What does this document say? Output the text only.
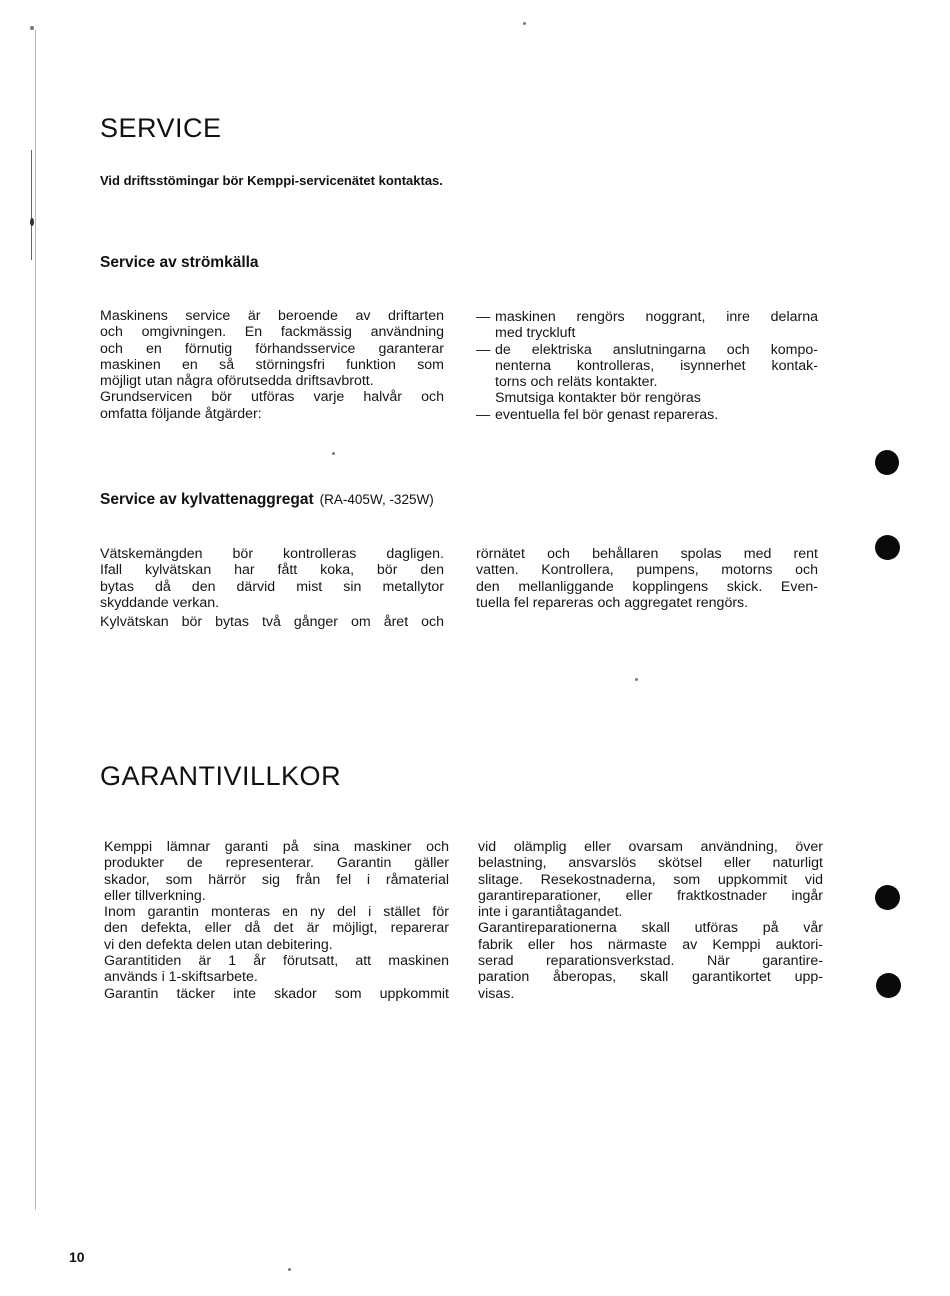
SERVICE
Vid driftsstömingar bör Kemppi-servicenätet kontaktas.
Service av strömkälla
Maskinens service är beroende av driftarten
och omgivningen. En fackmässig användning
och en förnutig förhandsservice garanterar
maskinen en så störningsfri funktion som
möjligt utan några oförutsedda driftsavbrott.
Grundservicen bör utföras varje halvår och
omfatta följande åtgärder:
— maskinen rengörs noggrant, inre delarna
med tryckluft
— de elektriska anslutningarna och kompo-
nenterna kontrolleras, isynnerhet kontak-
torns och reläts kontakter.
Smutsiga kontakter bör rengöras
— eventuella fel bör genast repareras.
Service av kylvattenaggregat (RA-405W, -325W)
Vätskemängden bör kontrolleras dagligen.
Ifall kylvätskan har fått koka, bör den
bytas då den därvid mist sin metallytor
skyddande verkan.
Kylvätskan bör bytas två gånger om året och
rörnätet och behållaren spolas med rent
vatten. Kontrollera, pumpens, motorns och
den mellanliggande kopplingens skick. Even-
tuella fel repareras och aggregatet rengörs.
GARANTIVILLKOR
Kemppi lämnar garanti på sina maskiner och
produkter de representerar. Garantin gäller
skador, som härrör sig från fel i råmaterial
eller tillverkning.
Inom garantin monteras en ny del i stället för
den defekta, eller då det är möjligt, reparerar
vi den defekta delen utan debitering.
Garantitiden är 1 år förutsatt, att maskinen
används i 1-skiftsarbete.
Garantin täcker inte skador som uppkommit
vid olämplig eller ovarsam användning, över
belastning, ansvarslös skötsel eller naturligt
slitage. Resekostnaderna, som uppkommit vid
garantireparationer, eller fraktkostnader ingår
inte i garantiåtagandet.
Garantireparationerna skall utföras på vår
fabrik eller hos närmaste av Kemppi auktori-
serad reparationsverkstad. När garantire-
paration åberopas, skall garantikortet upp-
visas.
10
